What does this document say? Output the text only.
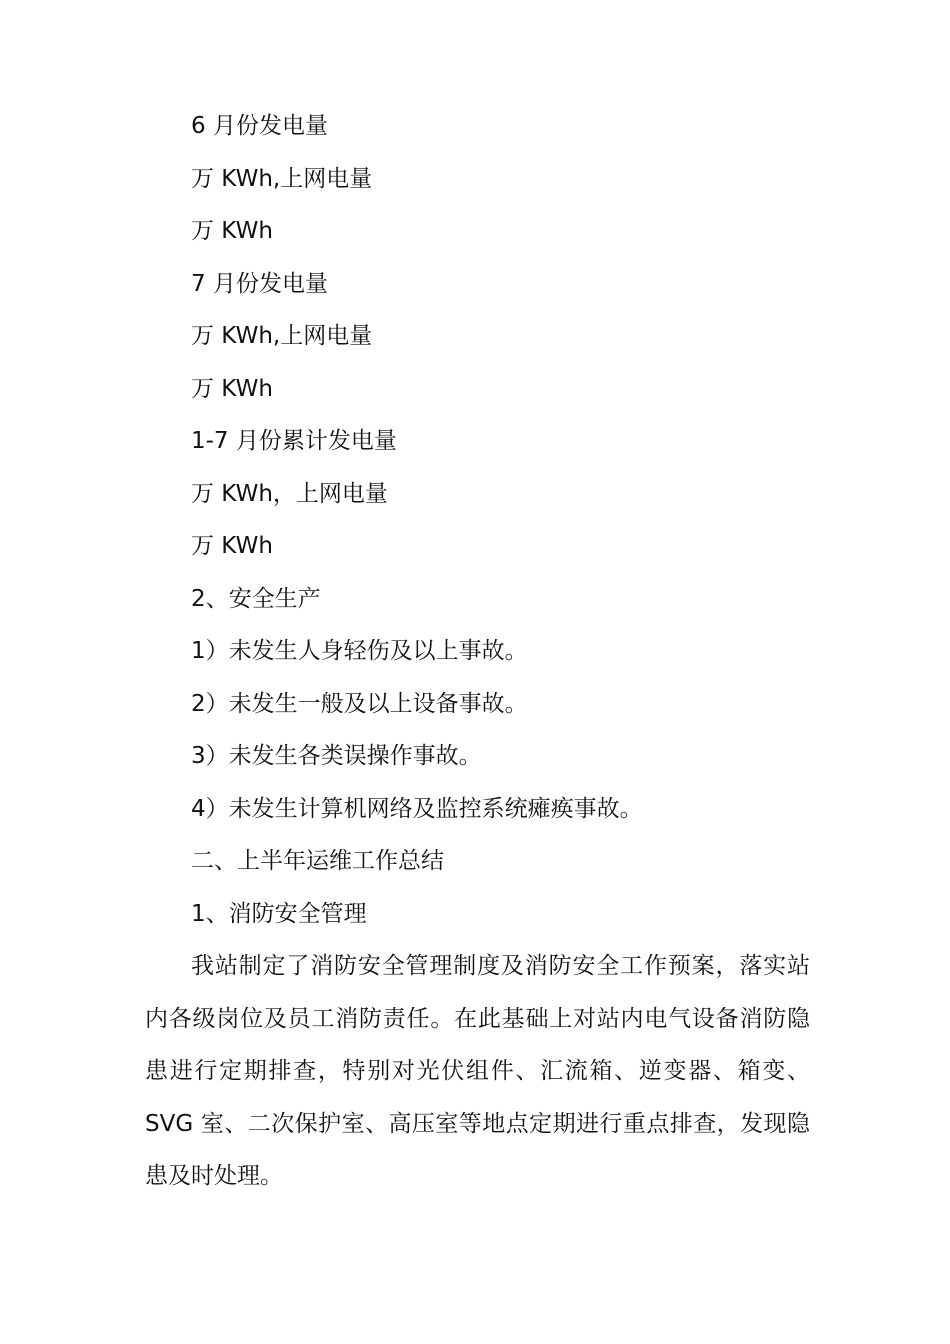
6 月份发电量

万 KWh,上网电量

万 KWh

7 月份发电量

万 KWh,上网电量

万 KWh

1-7 月份累计发电量

万 KWh，上网电量

万 KWh

2、安全生产

1）未发生人身轻伤及以上事故。

2）未发生一般及以上设备事故。

3）未发生各类误操作事故。

4）未发生计算机网络及监控系统瘫痪事故。

二、上半年运维工作总结

1、消防安全管理

我站制定了消防安全管理制度及消防安全工作预案，落实站内各级岗位及员工消防责任。在此基础上对站内电气设备消防隐患进行定期排查，特别对光伏组件、汇流箱、逆变器、箱变、SVG 室、二次保护室、高压室等地点定期进行重点排查，发现隐患及时处理。
